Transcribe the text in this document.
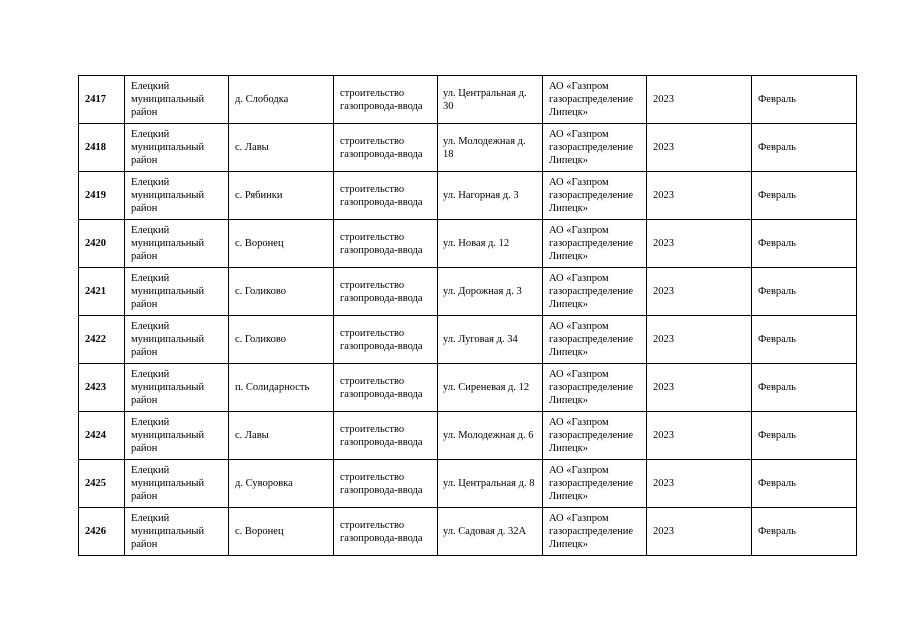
2417	Елецкий муниципальный район	д. Слободка	строительство газопровода-ввода	ул. Центральная д. 30	АО «Газпром газораспределение Липецк»	2023	Февраль

2418	Елецкий муниципальный район	с. Лавы	строительство газопровода-ввода	ул. Молодежная д. 18	АО «Газпром газораспределение Липецк»	2023	Февраль

2419	Елецкий муниципальный район	с. Рябинки	строительство газопровода-ввода	ул. Нагорная д. 3	АО «Газпром газораспределение Липецк»	2023	Февраль

2420	Елецкий муниципальный район	с. Воронец	строительство газопровода-ввода	ул. Новая д. 12	АО «Газпром газораспределение Липецк»	2023	Февраль

2421	Елецкий муниципальный район	с. Голиково	строительство газопровода-ввода	ул. Дорожная д. 3	АО «Газпром газораспределение Липецк»	2023	Февраль

2422	Елецкий муниципальный район	с. Голиково	строительство газопровода-ввода	ул. Луговая д. 34	АО «Газпром газораспределение Липецк»	2023	Февраль

2423	Елецкий муниципальный район	п. Солидарность	строительство газопровода-ввода	ул. Сиреневая д. 12	АО «Газпром газораспределение Липецк»	2023	Февраль

2424	Елецкий муниципальный район	с. Лавы	строительство газопровода-ввода	ул. Молодежная д. 6	АО «Газпром газораспределение Липецк»	2023	Февраль

2425	Елецкий муниципальный район	д. Суворовка	строительство газопровода-ввода	ул. Центральная д. 8	АО «Газпром газораспределение Липецк»	2023	Февраль

2426	Елецкий муниципальный район	с. Воронец	строительство газопровода-ввода	ул. Садовая д. 32А	АО «Газпром газораспределение Липецк»	2023	Февраль
